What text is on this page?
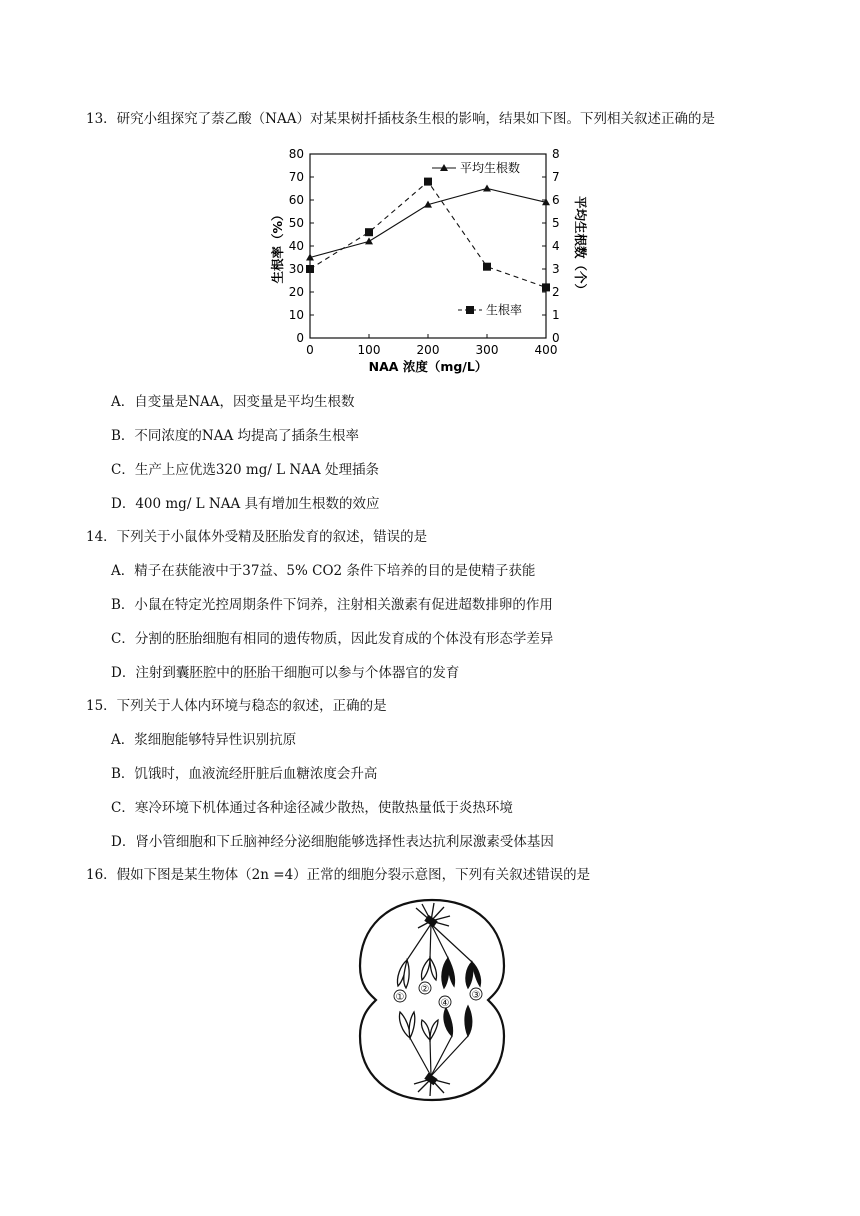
13．研究小组探究了萘乙酸（NAA）对某果树扦插枝条生根的影响，结果如下图。下列相关叙述正确的是
0
10
20
30
40
50
60
70
80
0
1
2
3
4
5
6
7
8
0	100	200	300	400
NAA 浓度（mg/L）
生根率（%）	平均生根数（个）
平均生根数
生根率
A．自变量是NAA，因变量是平均生根数
B．不同浓度的NAA 均提高了插条生根率
C．生产上应优选320 mg/ L NAA 处理插条
D．400 mg/ L NAA 具有增加生根数的效应
14．下列关于小鼠体外受精及胚胎发育的叙述，错误的是
A．精子在获能液中于37益、5% CO2 条件下培养的目的是使精子获能
B．小鼠在特定光控周期条件下饲养，注射相关激素有促进超数排卵的作用
C．分割的胚胎细胞有相同的遗传物质，因此发育成的个体没有形态学差异
D．注射到囊胚腔中的胚胎干细胞可以参与个体器官的发育
15．下列关于人体内环境与稳态的叙述，正确的是
A．浆细胞能够特异性识别抗原
B．饥饿时，血液流经肝脏后血糖浓度会升高
C．寒冷环境下机体通过各种途径减少散热，使散热量低于炎热环境
D．肾小管细胞和下丘脑神经分泌细胞能够选择性表达抗利尿激素受体基因
16．假如下图是某生物体（2n =4）正常的细胞分裂示意图，下列有关叙述错误的是
①
②
③
④
